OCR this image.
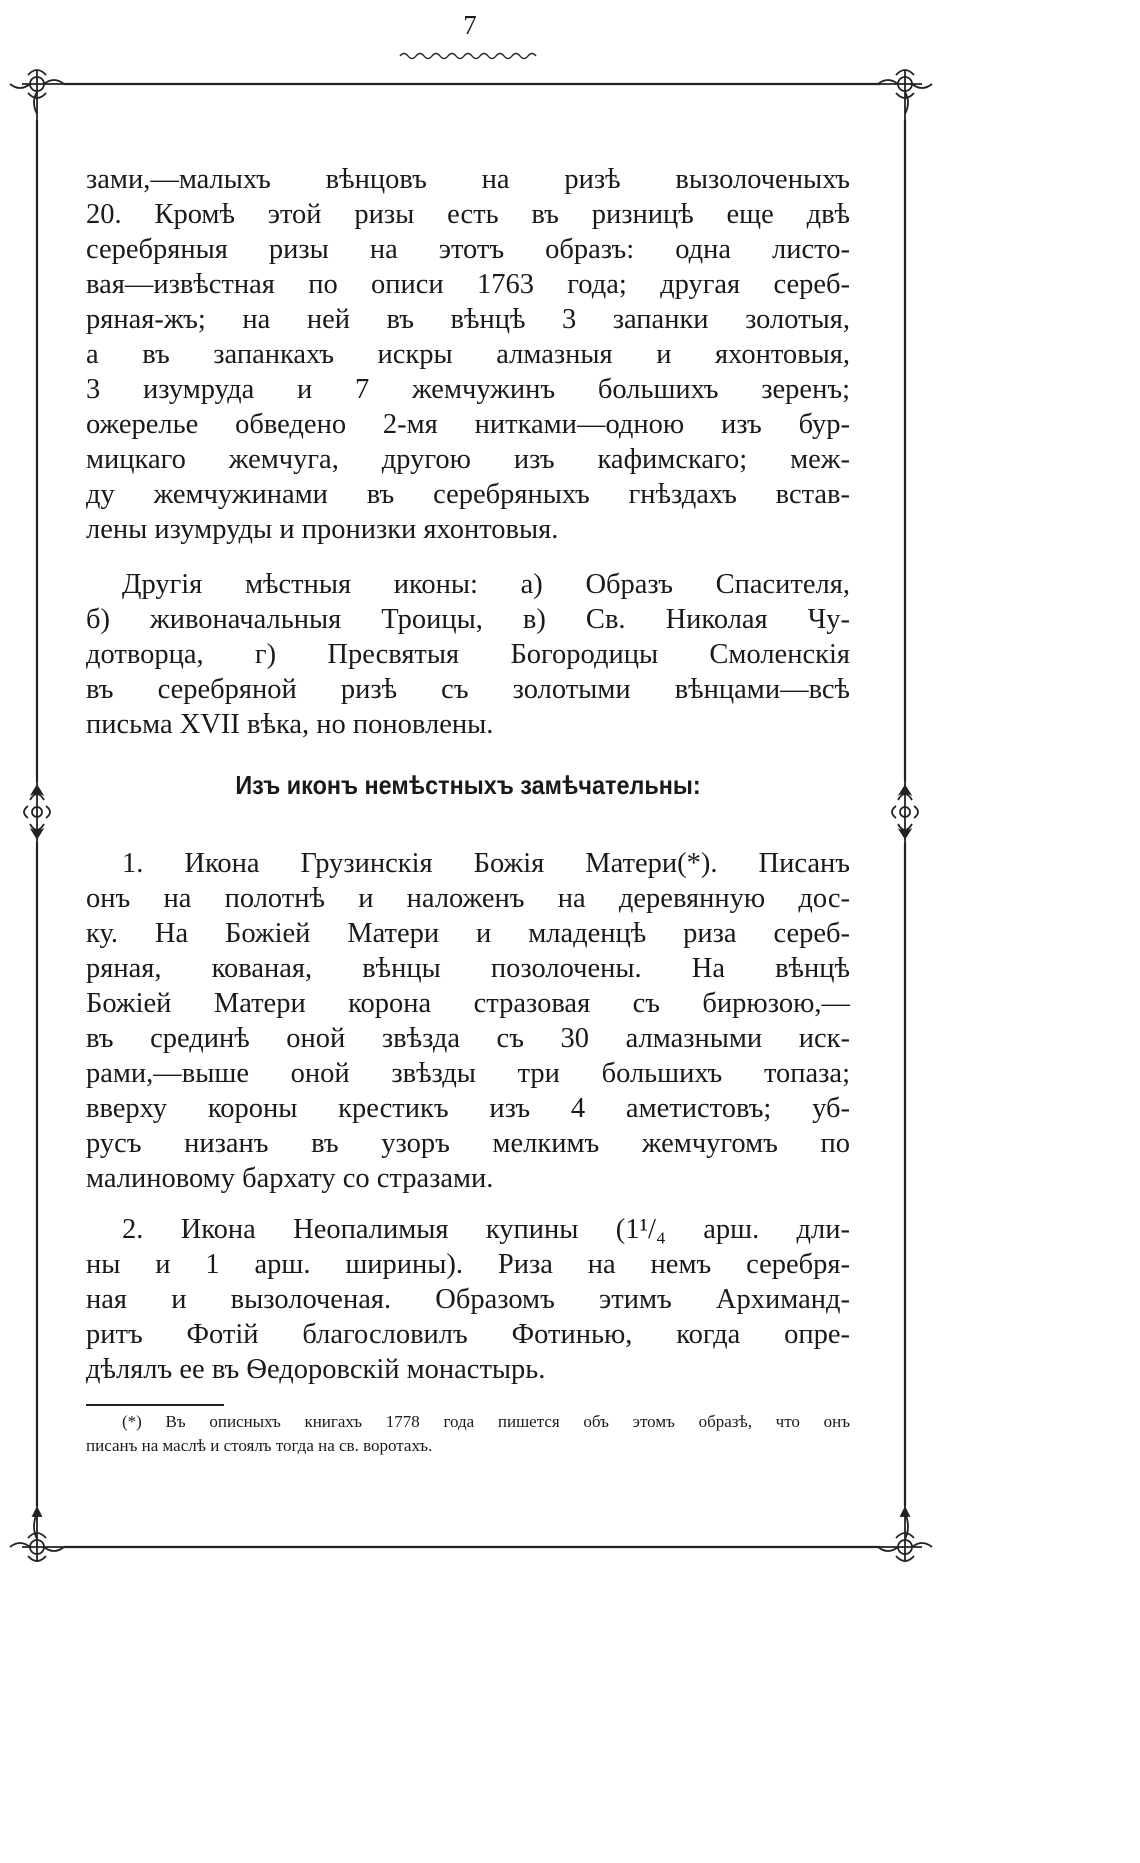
7
зами,—малыхъ вѣнцовъ на ризѣ вызолоченыхъ
20. Кромѣ этой ризы есть въ ризницѣ еще двѣ
серебряныя ризы на этотъ образъ: одна листо-
вая—извѣстная по описи 1763 года; другая сереб-
ряная-жъ; на ней въ вѣнцѣ 3 запанки золотыя,
а въ запанкахъ искры алмазныя и яхонтовыя,
3 изумруда и 7 жемчужинъ большихъ зеренъ;
ожерелье обведено 2-мя нитками—одною изъ бур-
мицкаго жемчуга, другою изъ кафимскаго; меж-
ду жемчужинами въ серебряныхъ гнѣздахъ встав-
лены изумруды и пронизки яхонтовыя.
Другія мѣстныя иконы: а) Образъ Спасителя,
б) живоначальныя Троицы, в) Св. Николая Чу-
дотворца, г) Пресвятыя Богородицы Смоленскія
въ серебряной ризѣ съ золотыми вѣнцами—всѣ
письма XVII вѣка, но поновлены.
Изъ иконъ немѣстныхъ замѣчательны:
1. Икона Грузинскія Божія Матери(*). Писанъ
онъ на полотнѣ и наложенъ на деревянную дос-
ку. На Божіей Матери и младенцѣ риза сереб-
ряная, кованая, вѣнцы позолочены. На вѣнцѣ
Божіей Матери корона стразовая съ бирюзою,—
въ срединѣ оной звѣзда съ 30 алмазными иск-
рами,—выше оной звѣзды три большихъ топаза;
вверху короны крестикъ изъ 4 аметистовъ; уб-
русъ низанъ въ узоръ мелкимъ жемчугомъ по
малиновому бархату со стразами.
2. Икона Неопалимыя купины (1¹/₄ арш. дли-
ны и 1 арш. ширины). Риза на немъ серебря-
ная и вызолоченая. Образомъ этимъ Архиманд-
ритъ Фотій благословилъ Фотинью, когда опре-
дѣлялъ ее въ Ѳедоровскій монастырь.
(*) Въ описныхъ книгахъ 1778 года пишется объ этомъ образѣ, что онъ
писанъ на маслѣ и стоялъ тогда на св. воротахъ.
